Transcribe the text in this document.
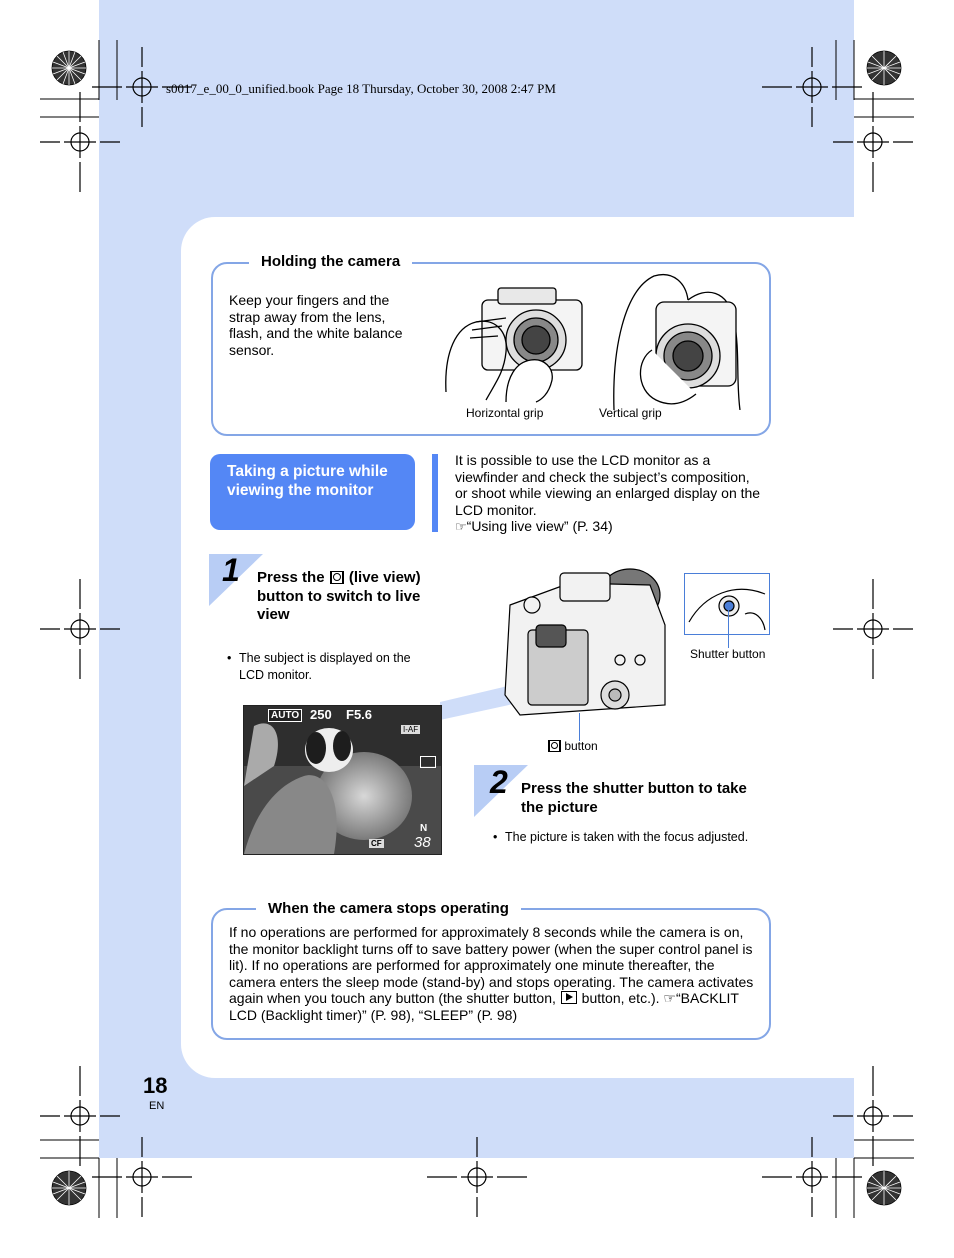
s0017_e_00_0_unified.book Page 18 Thursday, October 30, 2008 2:47 PM
Holding the camera
Keep your fingers and the strap away from the lens, flash, and the white balance sensor.
Horizontal grip	Vertical grip
Taking a picture while viewing the monitor
It is possible to use the LCD monitor as a viewfinder and check the subject’s composition, or shoot while viewing an enlarged display on the LCD monitor.
☞“Using live view” (P. 34)
1 Press the
(live view) button to switch to live view
• The subject is displayed on the LCD monitor.
AUTO 250 F5.6
I-AF
N
CF 38
button
Shutter button
2 Press the shutter button to take the picture
• The picture is taken with the focus adjusted.
When the camera stops operating
If no operations are performed for approximately 8 seconds while the camera is on, the monitor backlight turns off to save battery power (when the super control panel is lit). If no operations are performed for approximately one minute thereafter, the camera enters the sleep mode (stand-by) and stops operating. The camera activates again when you touch any button (the shutter button,
button, etc.). ☞“BACKLIT LCD (Backlight timer)” (P. 98), “SLEEP” (P. 98)
18
EN
